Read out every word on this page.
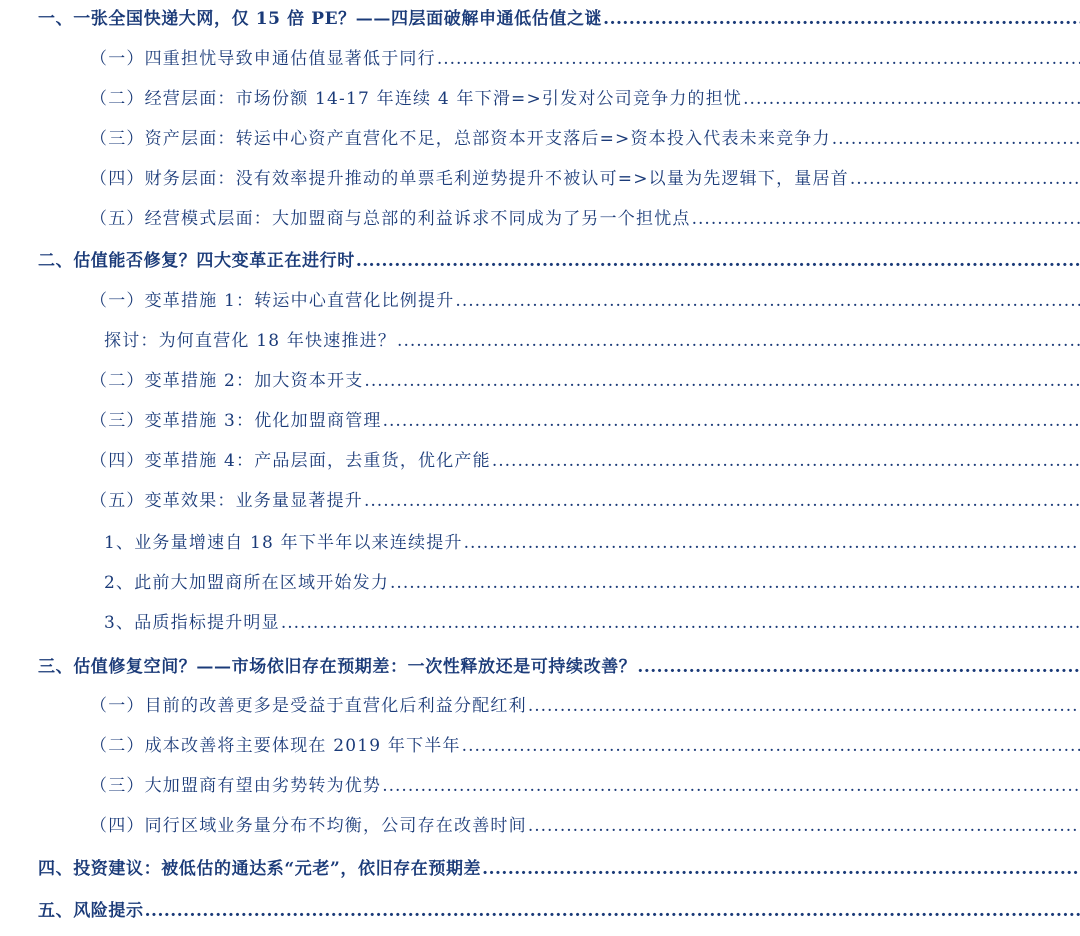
一、一张全国快递大网，仅 15 倍 PE？——四层面破解申通低估值之谜
.....
（一）四重担忧导致申通估值显著低于同行
.....
（二）经营层面：市场份额 14-17 年连续 4 年下滑=>引发对公司竞争力的担忧
.....
（三）资产层面：转运中心资产直营化不足，总部资本开支落后=>资本投入代表未来竞争力
.....
（四）财务层面：没有效率提升推动的单票毛利逆势提升不被认可=>以量为先逻辑下，量居首
.....
（五）经营模式层面：大加盟商与总部的利益诉求不同成为了另一个担忧点
.....
二、估值能否修复？四大变革正在进行时
.....
（一）变革措施 1：转运中心直营化比例提升
.....
探讨：为何直营化 18 年快速推进？
.....
（二）变革措施 2：加大资本开支
.....
（三）变革措施 3：优化加盟商管理
.....
（四）变革措施 4：产品层面，去重货，优化产能
.....
（五）变革效果：业务量显著提升
.....
1、业务量增速自 18 年下半年以来连续提升
.....
2、此前大加盟商所在区域开始发力
.....
3、品质指标提升明显
.....
三、估值修复空间？——市场依旧存在预期差：一次性释放还是可持续改善？
.....
（一）目前的改善更多是受益于直营化后利益分配红利
.....
（二）成本改善将主要体现在 2019 年下半年
.....
（三）大加盟商有望由劣势转为优势
.....
（四）同行区域业务量分布不均衡，公司存在改善时间
.....
四、投资建议：被低估的通达系“元老”，依旧存在预期差
.....
五、风险提示
.....
